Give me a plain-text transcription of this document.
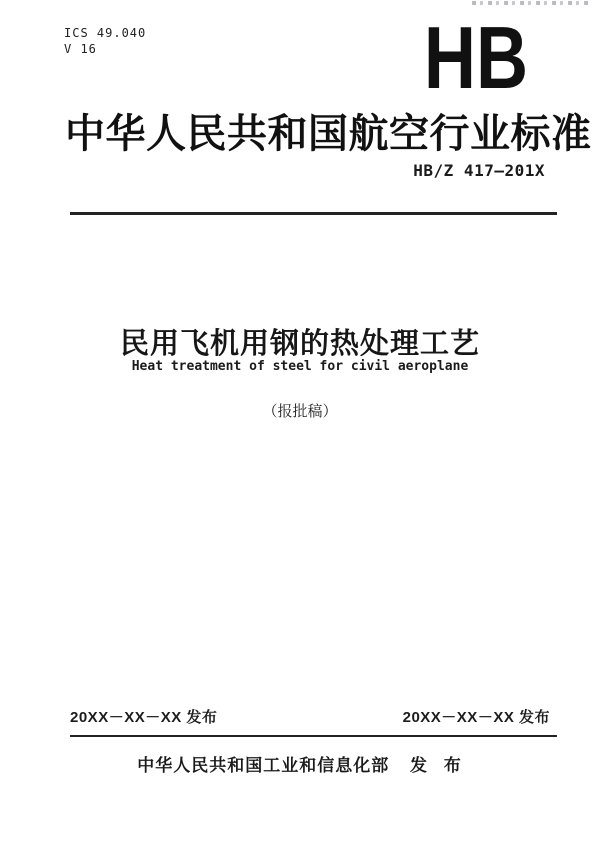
ICS 49.040
V 16	HB
中华人民共和国航空行业标准
HB/Z 417—201X
民用飞机用钢的热处理工艺
Heat treatment of steel for civil aeroplane
（报批稿）
20XX－XX－XX 发布	20XX－XX－XX 发布
中华人民共和国工业和信息化部 发 布
